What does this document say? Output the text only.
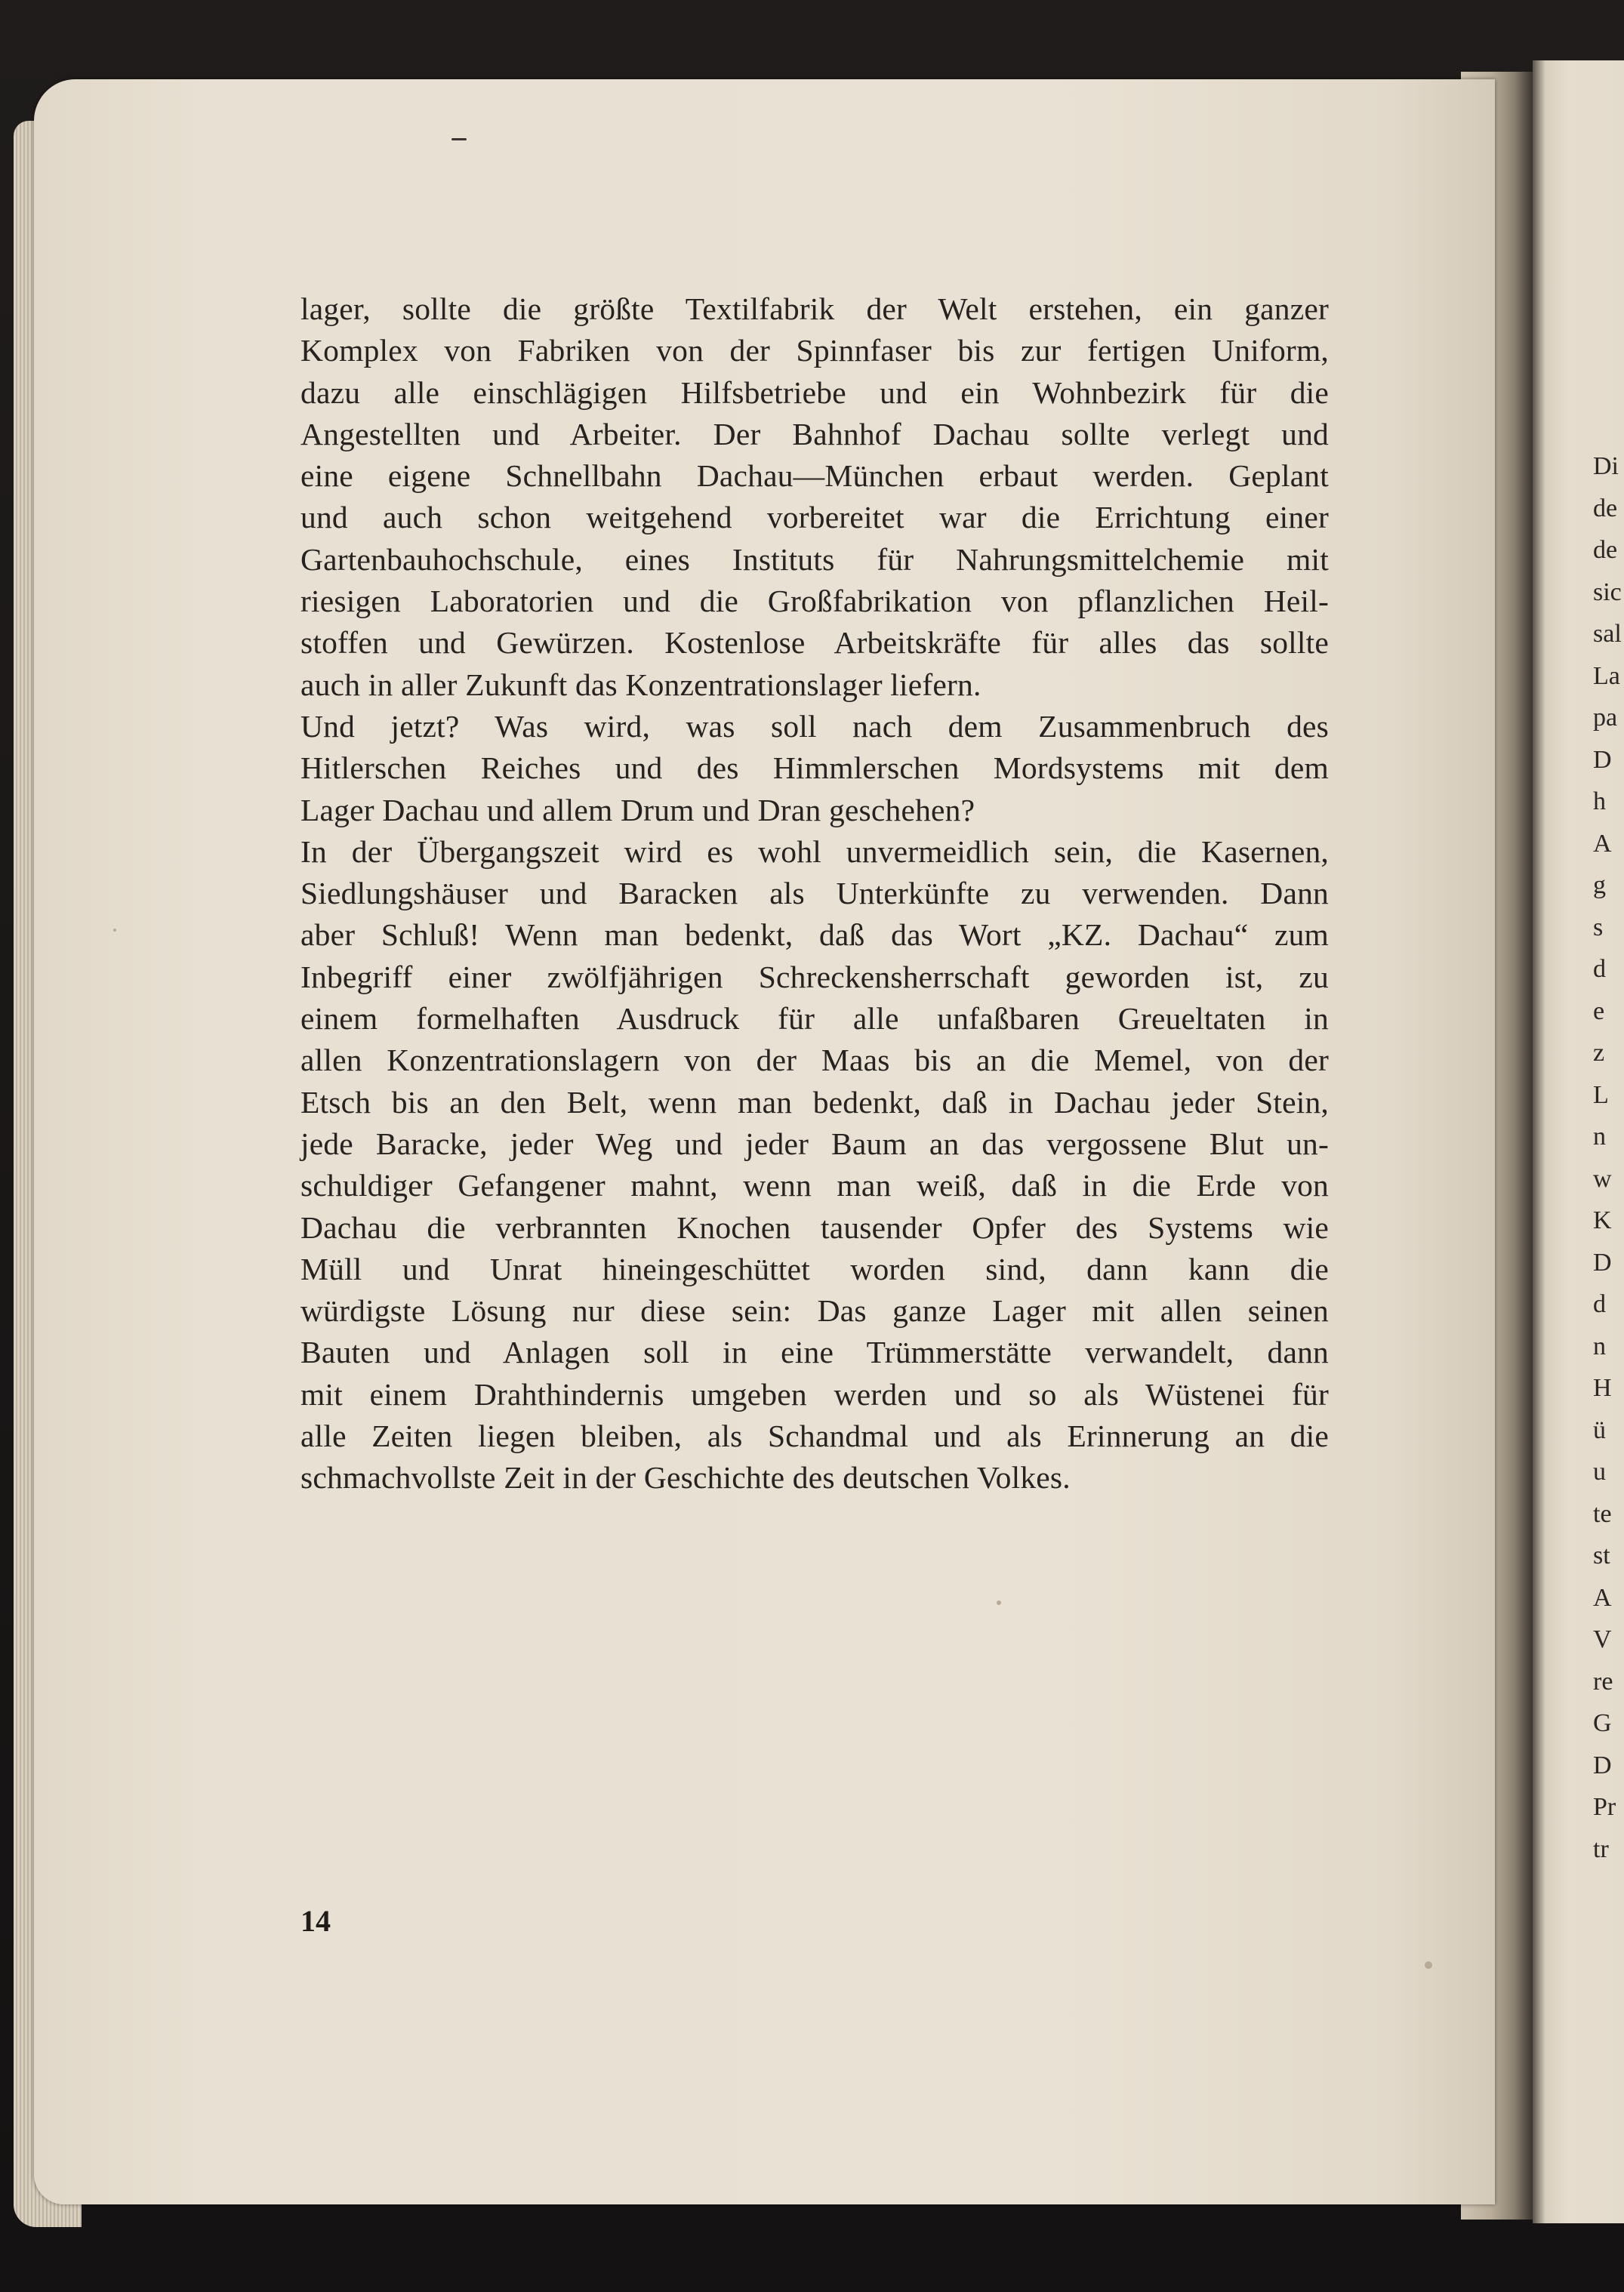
lager, sollte die größte Textilfabrik der Welt erstehen, ein ganzer
Komplex von Fabriken von der Spinnfaser bis zur fertigen Uniform,
dazu alle einschlägigen Hilfsbetriebe und ein Wohnbezirk für die
Angestellten und Arbeiter. Der Bahnhof Dachau sollte verlegt und
eine eigene Schnellbahn Dachau—München erbaut werden. Geplant
und auch schon weitgehend vorbereitet war die Errichtung einer
Gartenbauhochschule, eines Instituts für Nahrungsmittelchemie mit
riesigen Laboratorien und die Großfabrikation von pflanzlichen Heil-
stoffen und Gewürzen. Kostenlose Arbeitskräfte für alles das sollte
auch in aller Zukunft das Konzentrationslager liefern.
Und jetzt? Was wird, was soll nach dem Zusammenbruch des
Hitlerschen Reiches und des Himmlerschen Mordsystems mit dem
Lager Dachau und allem Drum und Dran geschehen?
In der Übergangszeit wird es wohl unvermeidlich sein, die Kasernen,
Siedlungshäuser und Baracken als Unterkünfte zu verwenden. Dann
aber Schluß! Wenn man bedenkt, daß das Wort „KZ. Dachau“ zum
Inbegriff einer zwölfjährigen Schreckensherrschaft geworden ist, zu
einem formelhaften Ausdruck für alle unfaßbaren Greueltaten in
allen Konzentrationslagern von der Maas bis an die Memel, von der
Etsch bis an den Belt, wenn man bedenkt, daß in Dachau jeder Stein,
jede Baracke, jeder Weg und jeder Baum an das vergossene Blut un-
schuldiger Gefangener mahnt, wenn man weiß, daß in die Erde von
Dachau die verbrannten Knochen tausender Opfer des Systems wie
Müll und Unrat hineingeschüttet worden sind, dann kann die
würdigste Lösung nur diese sein: Das ganze Lager mit allen seinen
Bauten und Anlagen soll in eine Trümmerstätte verwandelt, dann
mit einem Drahthindernis umgeben werden und so als Wüstenei für
alle Zeiten liegen bleiben, als Schandmal und als Erinnerung an die
schmachvollste Zeit in der Geschichte des deutschen Volkes.
14
Di
de
de
sic
sal
La
pa
D
h
A
g
s
d
e
z
L
n
w
K
D
d
n
H
ü
u
te
st
A
V
re
G
D
Pr
tr
